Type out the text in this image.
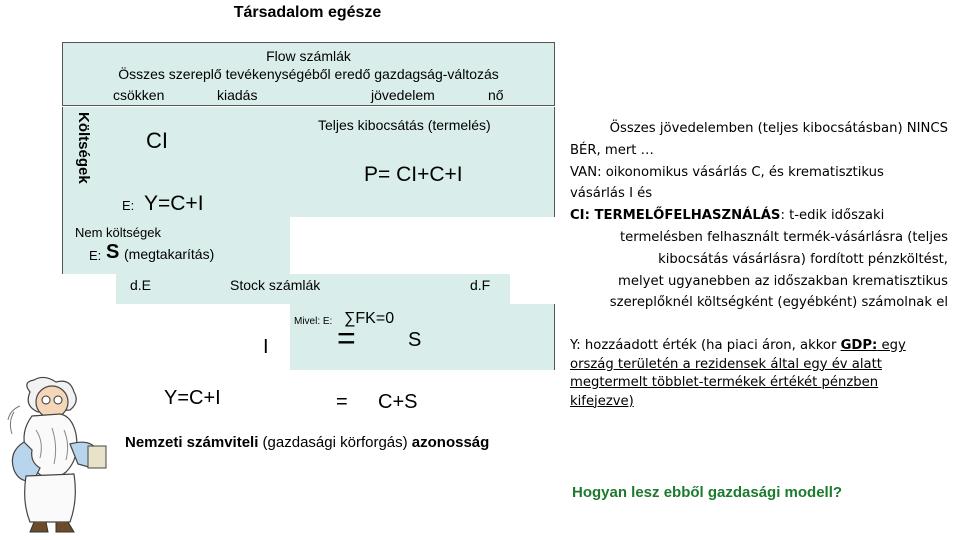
Társadalom egésze
Flow számlák
Összes szereplő tevékenységéből eredő gazdagság-változás
csökken	kiadás	jövedelem	nő
Költségek CI
Teljes kibocsátás (termelés)
P= CI+C+I
E: Y=C+I
Nem költségek
E: S (megtakarítás)
d.E	Stock számlák	d.F
Mivel: E: ∑FK=0
I =	S
Y=C+I	= C+S
Nemzeti számviteli (gazdasági körforgás) azonosság
Hogyan lesz ebből gazdasági modell?
Összes jövedelemben (teljes kibocsátásban) NINCS
BÉR, mert …
VAN: oikonomikus vásárlás C, és krematisztikus
vásárlás I és
CI: TERMELŐFELHASZNÁLÁS: t-edik időszaki
termelésben felhasznált termék-vásárlásra (teljes
kibocsátás vásárlásra) fordított pénzköltést,
melyet ugyanebben az időszakban krematisztikus
szereplőknél költségként (egyébként) számolnak el
Y: hozzáadott érték (ha piaci áron, akkor GDP: egy
ország területén a rezidensek által egy év alatt
megtermelt többlet-termékek értékét pénzben
kifejezve)
